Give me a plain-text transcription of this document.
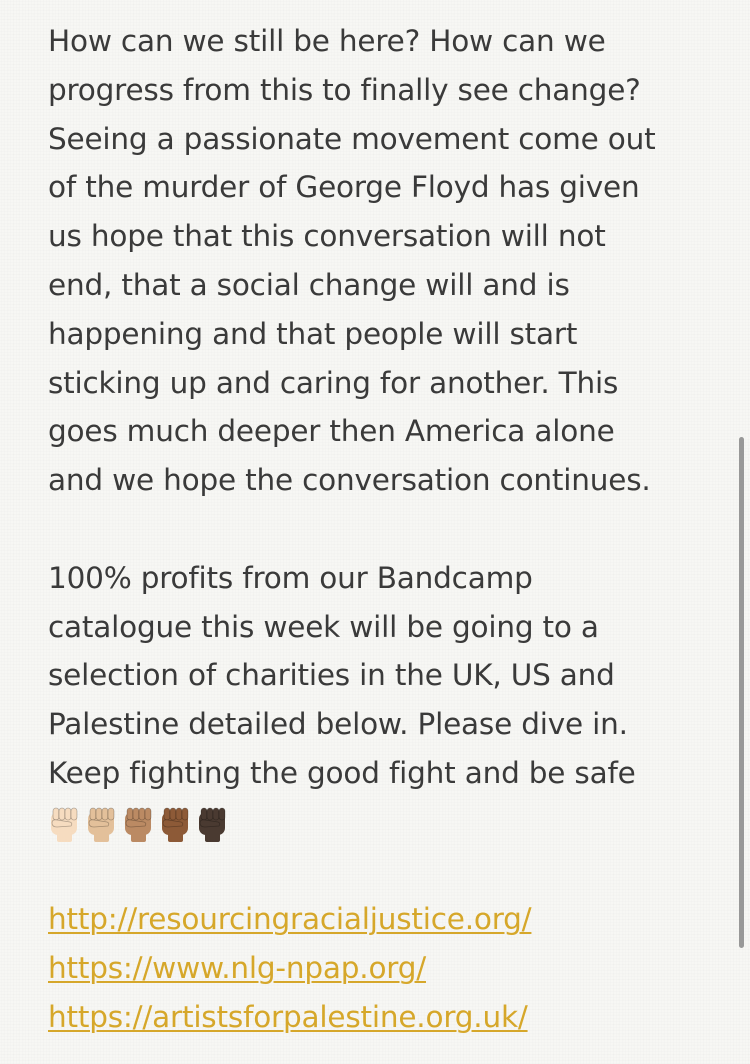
How can we still be here? How can we
progress from this to finally see change?
Seeing a passionate movement come out
of the murder of George Floyd has given
us hope that this conversation will not
end, that a social change will and is
happening and that people will start
sticking up and caring for another. This
goes much deeper then America alone
and we hope the conversation continues.

100% profits from our Bandcamp
catalogue this week will be going to a
selection of charities in the UK, US and
Palestine detailed below. Please dive in.
Keep fighting the good fight and be safe

http://resourcingracialjustice.org/
https://www.nlg-npap.org/
https://artistsforpalestine.org.uk/
